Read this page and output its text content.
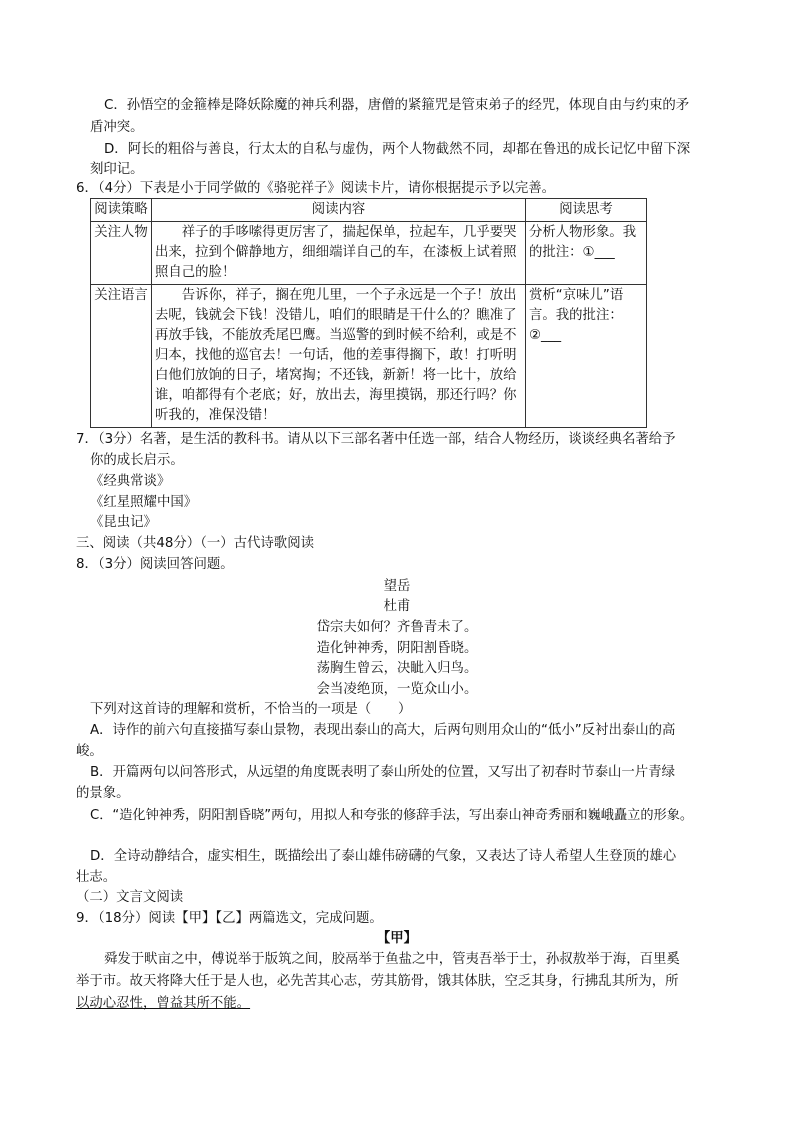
C．孙悟空的金箍棒是降妖除魔的神兵利器，唐僧的紧箍咒是管束弟子的经咒，体现自由与约束的矛
盾冲突。
D．阿长的粗俗与善良，行太太的自私与虚伪，两个人物截然不同，却都在鲁迅的成长记忆中留下深
刻印记。
6．（4分）下表是小于同学做的《骆驼祥子》阅读卡片，请你根据提示予以完善。
阅读策略	阅读内容	阅读思考
关注人物	祥子的手哆嗦得更厉害了，揣起保单，拉起车，几乎要哭出来，拉到个僻静地方，细细端详自己的车，在漆板上试着照照自己的脸！	分析人物形象。我的批注：①___
关注语言	告诉你，祥子，搁在兜儿里，一个子永远是一个子！放出去呢，钱就会下钱！没错儿，咱们的眼睛是干什么的？瞧准了再放手钱，不能放秃尾巴鹰。当巡警的到时候不给利，或是不归本，找他的巡官去！一句话，他的差事得搁下，敢！打听明白他们放饷的日子，堵窝掏；不还钱，新新！将一比十，放给谁，咱都得有个老底；好，放出去，海里摸锅，那还行吗？你听我的，准保没错！	赏析“京味儿”语言。我的批注：②___
7．（3分）名著，是生活的教科书。请从以下三部名著中任选一部，结合人物经历，谈谈经典名著给予
你的成长启示。
《经典常谈》
《红星照耀中国》
《昆虫记》
三、阅读（共48分）（一）古代诗歌阅读
8．（3分）阅读回答问题。
望岳
杜甫
岱宗夫如何？齐鲁青未了。
造化钟神秀，阴阳割昏晓。
荡胸生曾云，决眦入归鸟。
会当凌绝顶，一览众山小。
下列对这首诗的理解和赏析，不恰当的一项是（　　）
A．诗作的前六句直接描写泰山景物，表现出泰山的高大，后两句则用众山的“低小”反衬出泰山的高
峻。
B．开篇两句以问答形式，从远望的角度既表明了泰山所处的位置，又写出了初春时节泰山一片青绿
的景象。
C．“造化钟神秀，阴阳割昏晓”两句，用拟人和夸张的修辞手法，写出泰山神奇秀丽和巍峨矗立的形象。
D．全诗动静结合，虚实相生，既描绘出了泰山雄伟磅礴的气象，又表达了诗人希望人生登顶的雄心
壮志。
（二）文言文阅读
9．（18分）阅读【甲】【乙】两篇选文，完成问题。
【甲】
舜发于畎亩之中，傅说举于版筑之间，胶鬲举于鱼盐之中，管夷吾举于士，孙叔敖举于海，百里奚
举于市。故天将降大任于是人也，必先苦其心志，劳其筋骨，饿其体肤，空乏其身，行拂乱其所为，所
以动心忍性，曾益其所不能。
